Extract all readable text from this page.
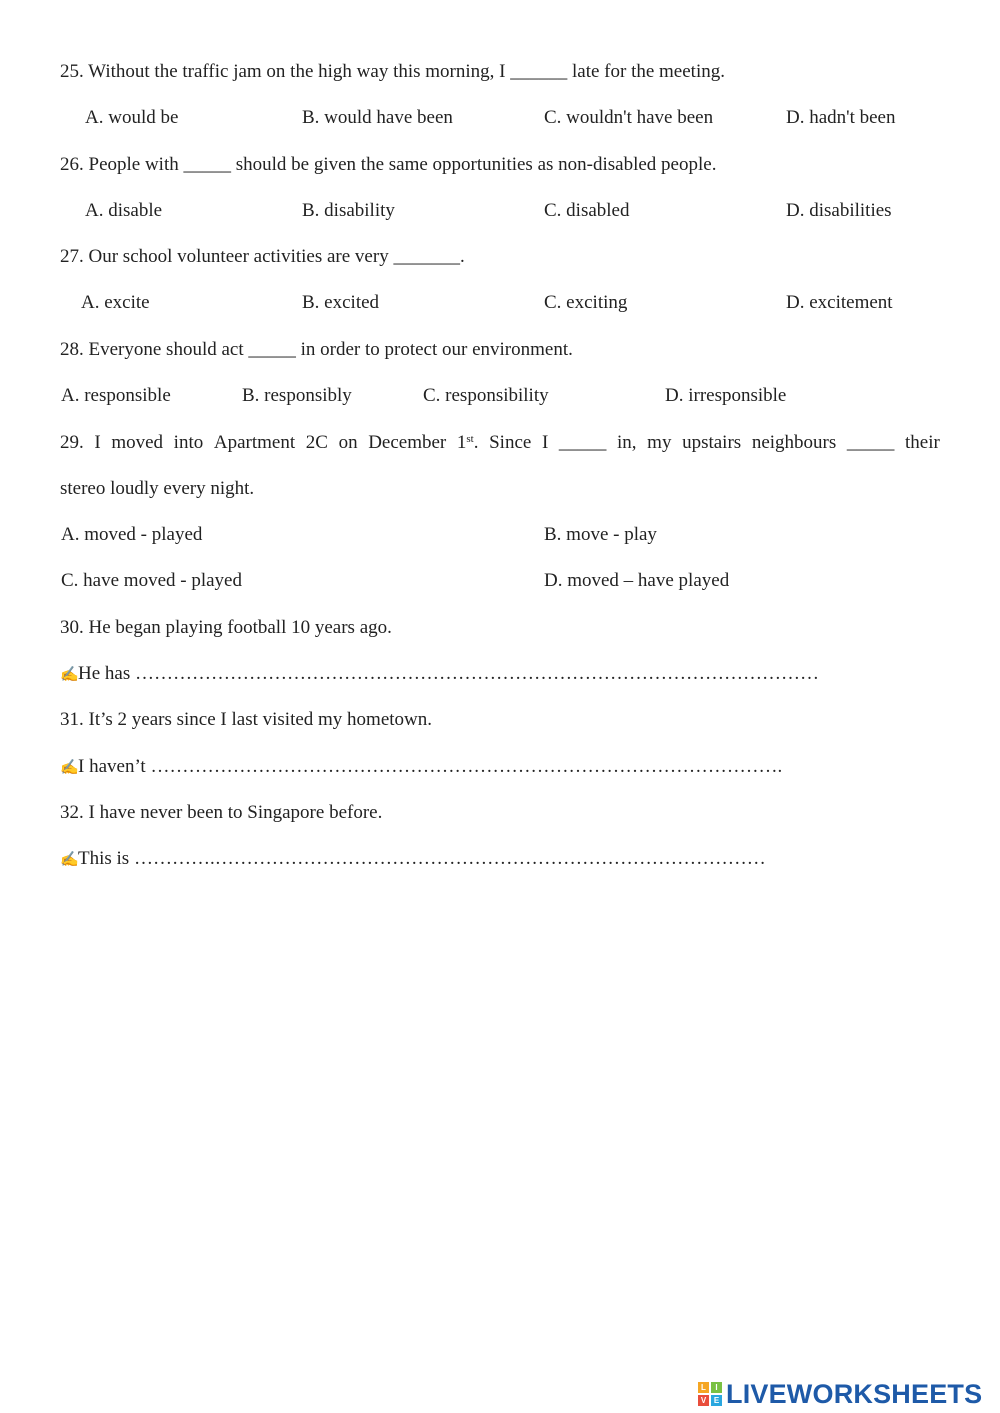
25. Without the traffic jam on the high way this morning, I ______ late for the meeting.
A. would be	B. would have been	C. wouldn't have been	D. hadn't been
26. People with _____ should be given the same opportunities as non-disabled people.
A. disable	B. disability	C. disabled	D. disabilities
27. Our school volunteer activities are very _______.
A. excite	B. excited	C. exciting	D. excitement
28. Everyone should act _____ in order to protect our environment.
A. responsible	B. responsibly	C. responsibility	D. irresponsible
29. I moved into Apartment 2C on December 1st. Since I _____ in, my upstairs neighbours _____ their
stereo loudly every night.
A. moved - played	B. move - play
C. have moved - played	D. moved – have played
30. He began playing football 10 years ago.
✍He has ………………………………………………………………………………………………
31. It’s 2 years since I last visited my hometown.
✍I haven’t ……………………………………………………………………………………….
32. I have never been to Singapore before.
✍This is ………….……………………………………………………………………………
L	I
V E LIVEWORKSHEETS
